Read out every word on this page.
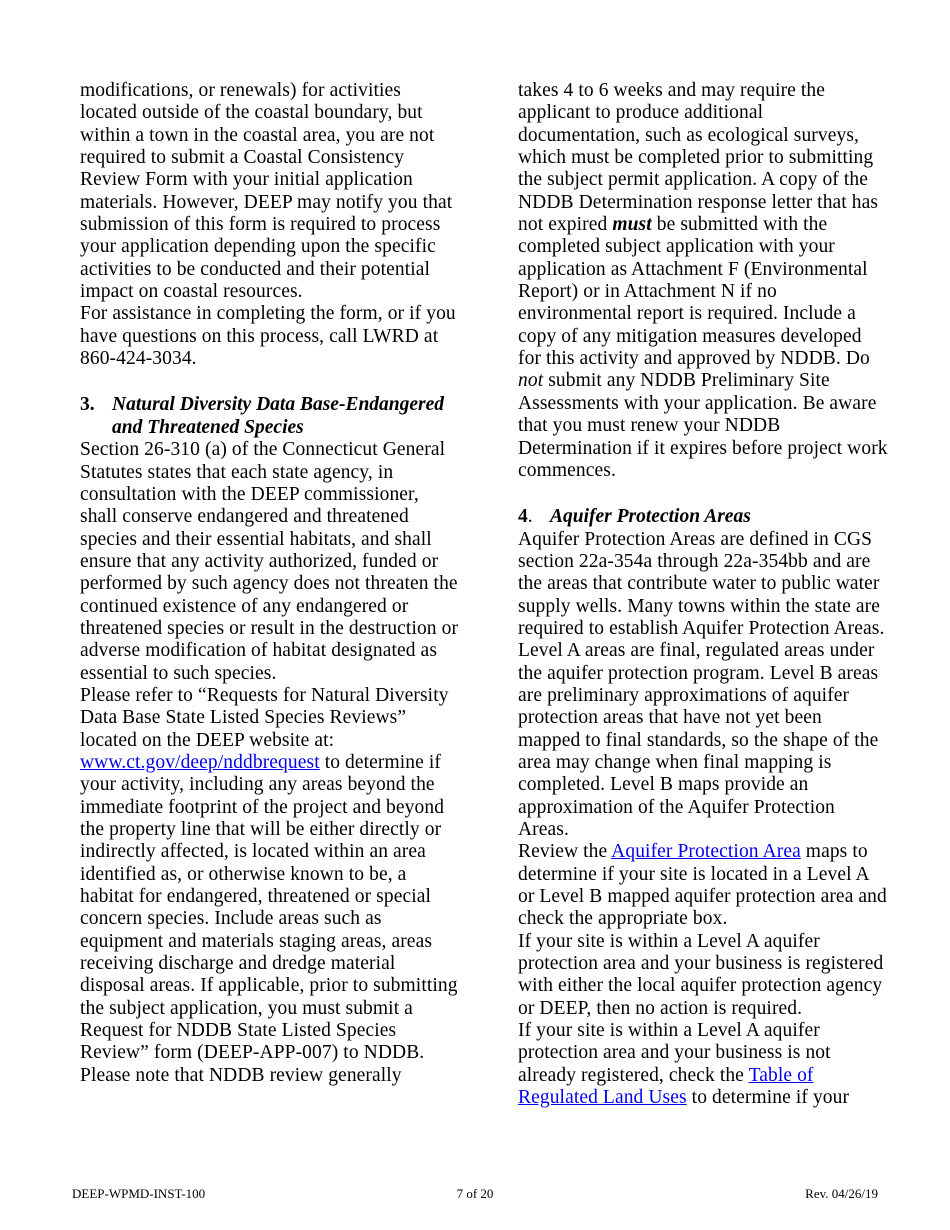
modifications, or renewals) for activities located outside of the coastal boundary, but within a town in the coastal area, you are not required to submit a Coastal Consistency Review Form with your initial application materials. However, DEEP may notify you that submission of this form is required to process your application depending upon the specific activities to be conducted and their potential impact on coastal resources.

For assistance in completing the form, or if you have questions on this process, call LWRD at 860-424-3034.

3. Natural Diversity Data Base-Endangered and Threatened Species

Section 26-310 (a) of the Connecticut General Statutes states that each state agency, in consultation with the DEEP commissioner, shall conserve endangered and threatened species and their essential habitats, and shall ensure that any activity authorized, funded or performed by such agency does not threaten the continued existence of any endangered or threatened species or result in the destruction or adverse modification of habitat designated as essential to such species.

Please refer to “Requests for Natural Diversity Data Base State Listed Species Reviews” located on the DEEP website at: www.ct.gov/deep/nddbrequest to determine if your activity, including any areas beyond the immediate footprint of the project and beyond the property line that will be either directly or indirectly affected, is located within an area identified as, or otherwise known to be, a habitat for endangered, threatened or special concern species. Include areas such as equipment and materials staging areas, areas receiving discharge and dredge material disposal areas. If applicable, prior to submitting the subject application, you must submit a Request for NDDB State Listed Species Review” form (DEEP-APP-007) to NDDB. Please note that NDDB review generally

takes 4 to 6 weeks and may require the applicant to produce additional documentation, such as ecological surveys, which must be completed prior to submitting the subject permit application. A copy of the NDDB Determination response letter that has not expired must be submitted with the completed subject application with your application as Attachment F (Environmental Report) or in Attachment N if no environmental report is required. Include a copy of any mitigation measures developed for this activity and approved by NDDB. Do not submit any NDDB Preliminary Site Assessments with your application. Be aware that you must renew your NDDB Determination if it expires before project work commences.

4. Aquifer Protection Areas

Aquifer Protection Areas are defined in CGS section 22a-354a through 22a-354bb and are the areas that contribute water to public water supply wells. Many towns within the state are required to establish Aquifer Protection Areas. Level A areas are final, regulated areas under the aquifer protection program. Level B areas are preliminary approximations of aquifer protection areas that have not yet been mapped to final standards, so the shape of the area may change when final mapping is completed. Level B maps provide an approximation of the Aquifer Protection Areas.

Review the Aquifer Protection Area maps to determine if your site is located in a Level A or Level B mapped aquifer protection area and check the appropriate box.

If your site is within a Level A aquifer protection area and your business is registered with either the local aquifer protection agency or DEEP, then no action is required.

If your site is within a Level A aquifer protection area and your business is not already registered, check the Table of Regulated Land Uses to determine if your

DEEP-WPMD-INST-100	7 of 20	Rev. 04/26/19
